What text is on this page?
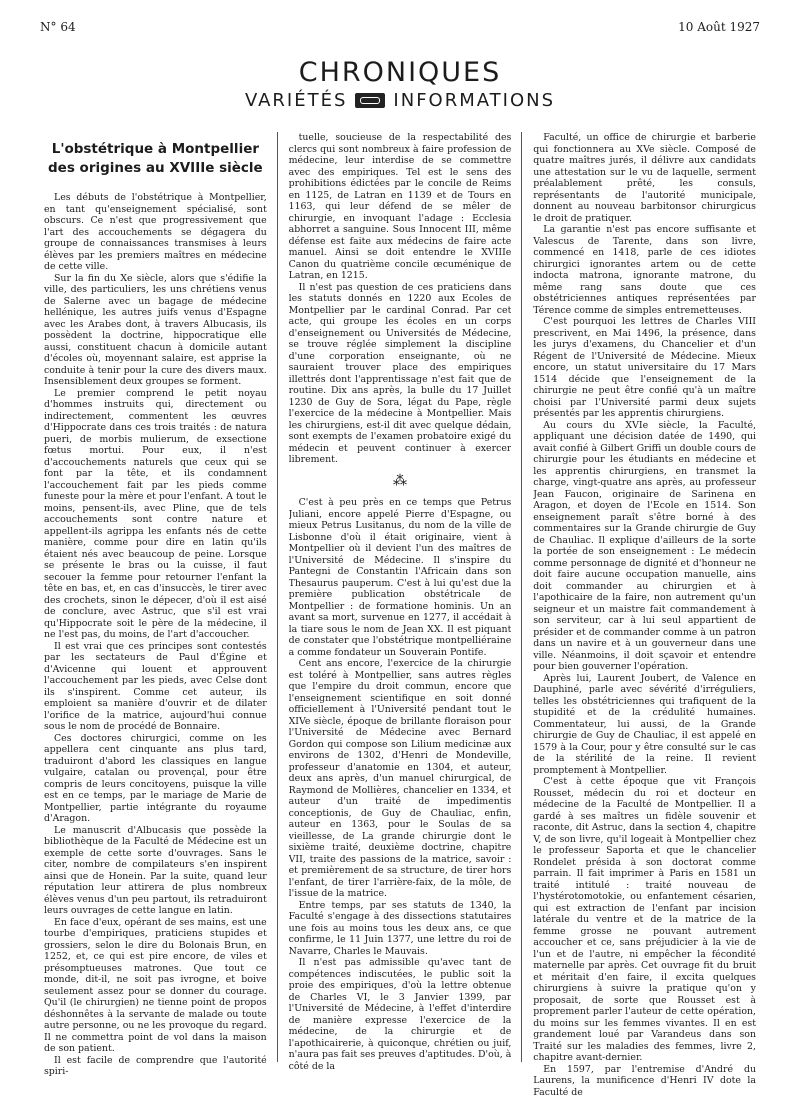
N° 64	10 Août 1927
CHRONIQUES
VARIÉTÉS	INFORMATIONS
L'obstétrique à Montpellier
des origines au XVIIIe siècle

Les débuts de l'obstétrique à Montpellier, en tant qu'enseignement spécialisé, sont obscurs. Ce n'est que progressivement que l'art des accouchements se dégagera du groupe de connaissances transmises à leurs élèves par les premiers maîtres en médecine de cette ville.

Sur la fin du Xe siècle, alors que s'édifie la ville, des particuliers, les uns chrétiens venus de Salerne avec un bagage de médecine hellénique, les autres juifs venus d'Espagne avec les Arabes dont, à travers Albucasis, ils possèdent la doctrine, hippocratique elle aussi, constituent chacun à domicile autant d'écoles où, moyennant salaire, est apprise la conduite à tenir pour la cure des divers maux. Insensiblement deux groupes se forment.

Le premier comprend le petit noyau d'hommes instruits qui, directement ou indirectement, commentent les œuvres d'Hippocrate dans ces trois traités : de natura pueri, de morbis mulierum, de exsectione fœtus mortui. Pour eux, il n'est d'accouchements naturels que ceux qui se font par la tête, et ils condamnent l'accouchement fait par les pieds comme funeste pour la mère et pour l'enfant. A tout le moins, pensent-ils, avec Pline, que de tels accouchements sont contre nature et appellent-ils agrippa les enfants nés de cette manière, comme pour dire en latin qu'ils étaient nés avec beaucoup de peine. Lorsque se présente le bras ou la cuisse, il faut secouer la femme pour retourner l'enfant la tête en bas, et, en cas d'insuccès, le tirer avec des crochets, sinon le dépecer, d'où il est aisé de conclure, avec Astruc, que s'il est vrai qu'Hippocrate soit le père de la médecine, il ne l'est pas, du moins, de l'art d'accoucher.

Il est vrai que ces principes sont contestés par les sectateurs de Paul d'Égine et d'Avicenne qui louent et approuvent l'accouchement par les pieds, avec Celse dont ils s'inspirent. Comme cet auteur, ils emploient sa manière d'ouvrir et de dilater l'orifice de la matrice, aujourd'hui connue sous le nom de procédé de Bonnaire.

Ces doctores chirurgici, comme on les appellera cent cinquante ans plus tard, traduiront d'abord les classiques en langue vulgaire, catalan ou provençal, pour être compris de leurs concitoyens, puisque la ville est en ce temps, par le mariage de Marie de Montpellier, partie intégrante du royaume d'Aragon.

Le manuscrit d'Albucasis que possède la bibliothèque de la Faculté de Médecine est un exemple de cette sorte d'ouvrages. Sans le citer, nombre de compilateurs s'en inspirent ainsi que de Honein. Par la suite, quand leur réputation leur attirera de plus nombreux élèves venus d'un peu partout, ils retraduiront leurs ouvrages de cette langue en latin.

En face d'eux, opérant de ses mains, est une tourbe d'empiriques, praticiens stupides et grossiers, selon le dire du Bolonais Brun, en 1252, et, ce qui est pire encore, de viles et présomptueuses matrones. Que tout ce monde, dit-il, ne soit pas ivrogne, et boive seulement assez pour se donner du courage. Qu'il (le chirurgien) ne tienne point de propos déshonnêtes à la servante de malade ou toute autre personne, ou ne les provoque du regard. Il ne commettra point de vol dans la maison de son patient.

Il est facile de comprendre que l'autorité spiri-

tuelle, soucieuse de la respectabilité des clercs qui sont nombreux à faire profession de médecine, leur interdise de se commettre avec des empiriques. Tel est le sens des prohibitions édictées par le concile de Reims en 1125, de Latran en 1139 et de Tours en 1163, qui leur défend de se mêler de chirurgie, en invoquant l'adage : Ecclesia abhorret a sanguine. Sous Innocent III, même défense est faite aux médecins de faire acte manuel. Ainsi se doit entendre le XVIIIe Canon du quatrième concile œcuménique de Latran, en 1215.

Il n'est pas question de ces praticiens dans les statuts donnés en 1220 aux Ecoles de Montpellier par le cardinal Conrad. Par cet acte, qui groupe les écoles en un corps d'enseignement ou Universités de Médecine, se trouve réglée simplement la discipline d'une corporation enseignante, où ne sauraient trouver place des empiriques illettrés dont l'apprentissage n'est fait que de routine. Dix ans après, la bulle du 17 Juillet 1230 de Guy de Sora, légat du Pape, règle l'exercice de la médecine à Montpellier. Mais les chirurgiens, est-il dit avec quelque dédain, sont exempts de l'examen probatoire exigé du médecin et peuvent continuer à exercer librement.

⁂

C'est à peu près en ce temps que Petrus Juliani, encore appelé Pierre d'Espagne, ou mieux Petrus Lusitanus, du nom de la ville de Lisbonne d'où il était originaire, vient à Montpellier où il devient l'un des maîtres de l'Université de Médecine. Il s'inspire du Pantegni de Constantin l'Africain dans son Thesaurus pauperum. C'est à lui qu'est due la première publication obstétricale de Montpellier : de formatione hominis. Un an avant sa mort, survenue en 1277, il accédait à la tiare sous le nom de Jean XX. Il est piquant de constater que l'obstétrique montpelliéraine a comme fondateur un Souverain Pontife.

Cent ans encore, l'exercice de la chirurgie est toléré à Montpellier, sans autres règles que l'empire du droit commun, encore que l'enseignement scientifique en soit donné officiellement à l'Université pendant tout le XIVe siècle, époque de brillante floraison pour l'Université de Médecine avec Bernard Gordon qui compose son Lilium medicinæ aux environs de 1302, d'Henri de Mondeville, professeur d'anatomie en 1304, et auteur, deux ans après, d'un manuel chirurgical, de Raymond de Mollières, chancelier en 1334, et auteur d'un traité de impedimentis conceptionis, de Guy de Chauliac, enfin, auteur en 1363, pour le Soulas de sa vieillesse, de La grande chirurgie dont le sixième traité, deuxième doctrine, chapitre VII, traite des passions de la matrice, savoir : et premièrement de sa structure, de tirer hors l'enfant, de tirer l'arrière-faix, de la môle, de l'issue de la matrice.

Entre temps, par ses statuts de 1340, la Faculté s'engage à des dissections statutaires une fois au moins tous les deux ans, ce que confirme, le 11 Juin 1377, une lettre du roi de Navarre, Charles le Mauvais.

Il n'est pas admissible qu'avec tant de compétences indiscutées, le public soit la proie des empiriques, d'où la lettre obtenue de Charles VI, le 3 Janvier 1399, par l'Université de Médecine, à l'effet d'interdire de manière expresse l'exercice de la médecine, de la chirurgie et de l'apothicairerie, à quiconque, chrétien ou juif, n'aura pas fait ses preuves d'aptitudes. D'où, à côté de la

Faculté, un office de chirurgie et barberie qui fonctionnera au XVe siècle. Composé de quatre maîtres jurés, il délivre aux candidats une attestation sur le vu de laquelle, serment préalablement prêté, les consuls, représentants de l'autorité municipale, donnent au nouveau barbitonsor chirurgicus le droit de pratiquer.

La garantie n'est pas encore suffisante et Valescus de Tarente, dans son livre, commencé en 1418, parle de ces idiotes chirurgici ignorantes artem ou de cette indocta matrona, ignorante matrone, du même rang sans doute que ces obstétriciennes antiques représentées par Térence comme de simples entremetteuses.

C'est pourquoi les lettres de Charles VIII prescrivent, en Mai 1496, la présence, dans les jurys d'examens, du Chancelier et d'un Régent de l'Université de Médecine. Mieux encore, un statut universitaire du 17 Mars 1514 décide que l'enseignement de la chirurgie ne peut être confié qu'à un maître choisi par l'Université parmi deux sujets présentés par les apprentis chirurgiens.

Au cours du XVIe siècle, la Faculté, appliquant une décision datée de 1490, qui avait confié à Gilbert Griffi un double cours de chirurgie pour les étudiants en médecine et les apprentis chirurgiens, en transmet la charge, vingt-quatre ans après, au professeur Jean Faucon, originaire de Sarinena en Aragon, et doyen de l'Ecole en 1514. Son enseignement paraît s'être borné à des commentaires sur la Grande chirurgie de Guy de Chauliac. Il explique d'ailleurs de la sorte la portée de son enseignement : Le médecin comme personnage de dignité et d'honneur ne doit faire aucune occupation manuelle, ains doit commander au chirurgien et à l'apothicaire de la faire, non autrement qu'un seigneur et un maistre fait commandement à son serviteur, car à lui seul appartient de présider et de commander comme à un patron dans un navire et à un gouverneur dans une ville. Néanmoins, il doit sçavoir et entendre pour bien gouverner l'opération.

Après lui, Laurent Joubert, de Valence en Dauphiné, parle avec sévérité d'irréguliers, telles les obstétriciennes qui trafiquent de la stupidité et de la crédulité humaines. Commentateur, lui aussi, de la Grande chirurgie de Guy de Chauliac, il est appelé en 1579 à la Cour, pour y être consulté sur le cas de la stérilité de la reine. Il revient promptement à Montpellier.

C'est à cette époque que vit François Rousset, médecin du roi et docteur en médecine de la Faculté de Montpellier. Il a gardé à ses maîtres un fidèle souvenir et raconte, dit Astruc, dans la section 4, chapitre V, de son livre, qu'il logeait à Montpellier chez le professeur Saporta et que le chancelier Rondelet présida à son doctorat comme parrain. Il fait imprimer à Paris en 1581 un traité intitulé : traité nouveau de l'hystérotomotokie, ou enfantement césarien, qui est extraction de l'enfant par incision latérale du ventre et de la matrice de la femme grosse ne pouvant autrement accoucher et ce, sans préjudicier à la vie de l'un et de l'autre, ni empêcher la fécondité maternelle par après. Cet ouvrage fit du bruit et méritait d'en faire, il excita quelques chirurgiens à suivre la pratique qu'on y proposait, de sorte que Rousset est à proprement parler l'auteur de cette opération, du moins sur les femmes vivantes. Il en est grandement loué par Varandeus dans son Traité sur les maladies des femmes, livre 2, chapitre avant-dernier.

En 1597, par l'entremise d'André du Laurens, la munificence d'Henri IV dote la Faculté de
